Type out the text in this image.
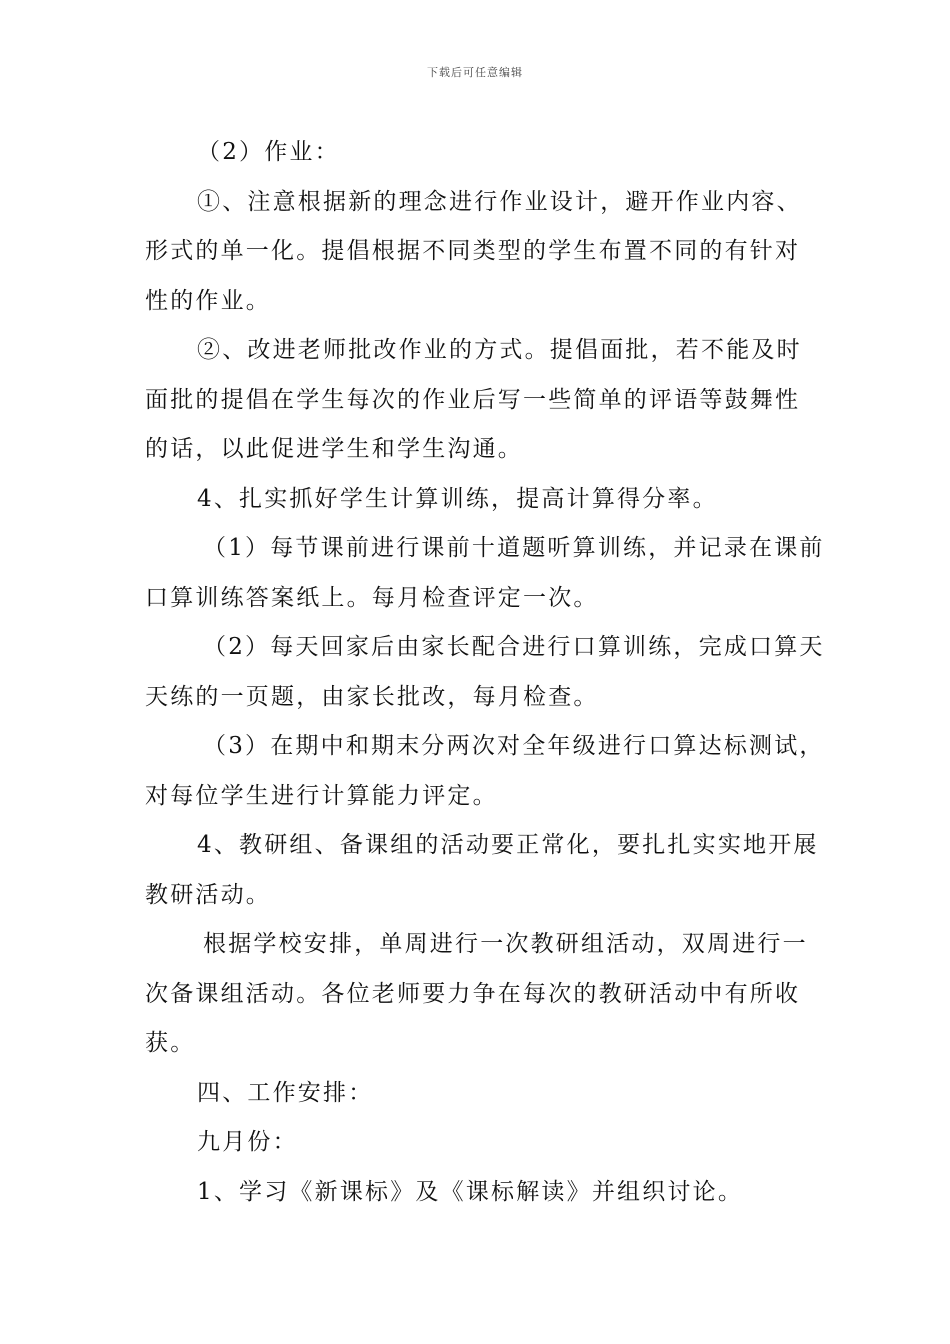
下载后可任意编辑

（2）作业：

①、注意根据新的理念进行作业设计，避开作业内容、形式的单一化。提倡根据不同类型的学生布置不同的有针对性的作业。

②、改进老师批改作业的方式。提倡面批，若不能及时面批的提倡在学生每次的作业后写一些简单的评语等鼓舞性的话，以此促进学生和学生沟通。

4、扎实抓好学生计算训练，提高计算得分率。

（1）每节课前进行课前十道题听算训练，并记录在课前口算训练答案纸上。每月检查评定一次。

（2）每天回家后由家长配合进行口算训练，完成口算天天练的一页题，由家长批改，每月检查。

（3）在期中和期末分两次对全年级进行口算达标测试，对每位学生进行计算能力评定。

4、教研组、备课组的活动要正常化，要扎扎实实地开展教研活动。

根据学校安排，单周进行一次教研组活动，双周进行一次备课组活动。各位老师要力争在每次的教研活动中有所收获。

四、工作安排：

九月份：

1、学习《新课标》及《课标解读》并组织讨论。
